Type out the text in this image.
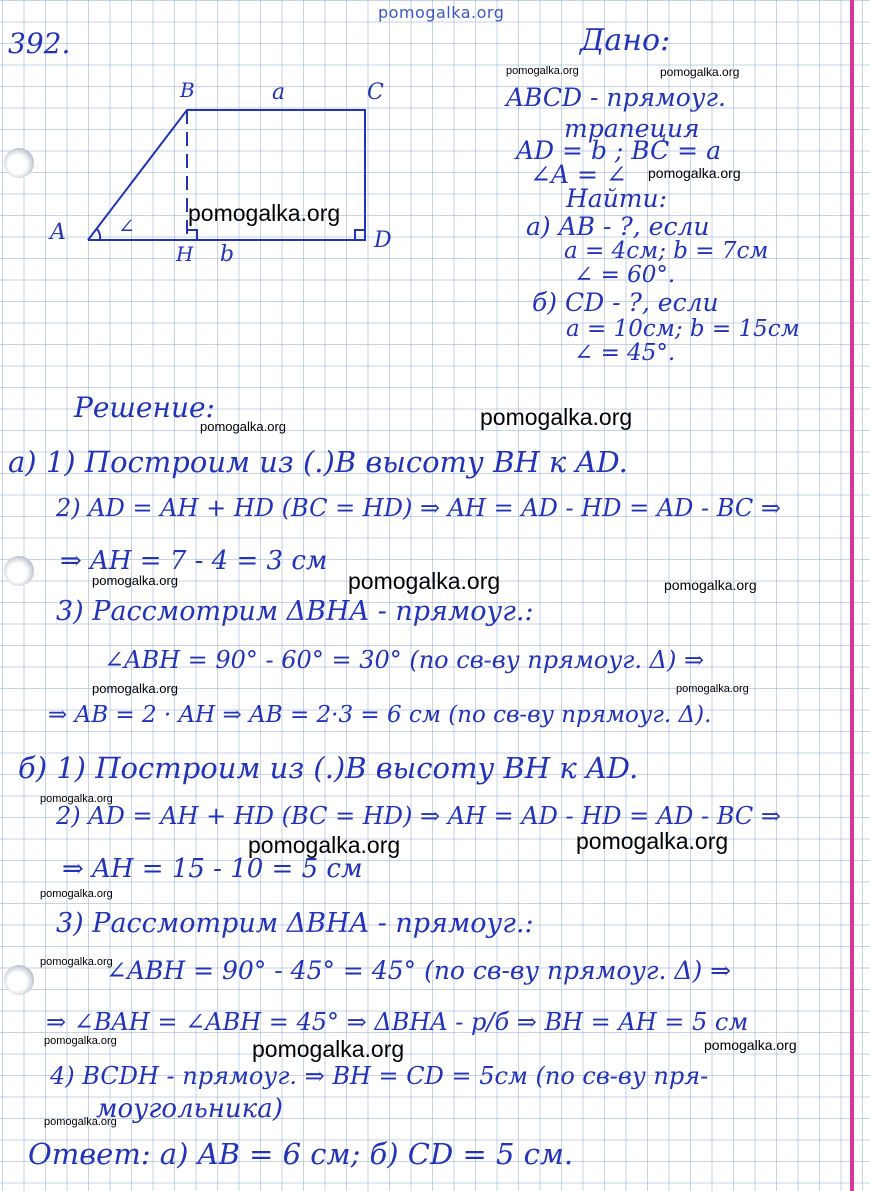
pomogalka.org
392.
B	a	C
A	∠
H b
D
Дано:
ABCD - прямоуг.
трапеция
AD = b ; BC = a
∠A = ∠
Найти:
а) AB - ?, если
a = 4см; b = 7см
∠ = 60°.
б) CD - ?, если
a = 10см; b = 15см
∠ = 45°.
Решение:
а) 1) Построим из (.)B высоту BH к AD.
2) AD = AH + HD (BC = HD) ⇒ AH = AD - HD = AD - BC ⇒
⇒ AH = 7 - 4 = 3 см
3) Рассмотрим ΔBHA - прямоуг.:
∠ABH = 90° - 60° = 30° (по св-ву прямоуг. Δ) ⇒
⇒ AB = 2 · AH ⇒ AB = 2·3 = 6 см (по св-ву прямоуг. Δ).
б) 1) Построим из (.)B высоту BH к AD.
2) AD = AH + HD (BC = HD) ⇒ AH = AD - HD = AD - BC ⇒
⇒ AH = 15 - 10 = 5 см
3) Рассмотрим ΔBHA - прямоуг.:
∠ABH = 90° - 45° = 45° (по св-ву прямоуг. Δ) ⇒
⇒ ∠BAH = ∠ABH = 45° ⇒ ΔBHA - р/б ⇒ BH = AH = 5 см
4) BCDH - прямоуг. ⇒ BH = CD = 5см (по св-ву пря-
моугольника)
Ответ: а) AB = 6 см; б) CD = 5 см.
pomogalka.org	pomogalka.org
pomogalka.org
pomogalka.org
pomogalka.org
pomogalka.org
pomogalka.org	pomogalka.org	pomogalka.org
pomogalka.org	pomogalka.org
pomogalka.org
pomogalka.org	pomogalka.org
pomogalka.org
pomogalka.org
pomogalka.org	pomogalka.org	pomogalka.org
pomogalka.org
